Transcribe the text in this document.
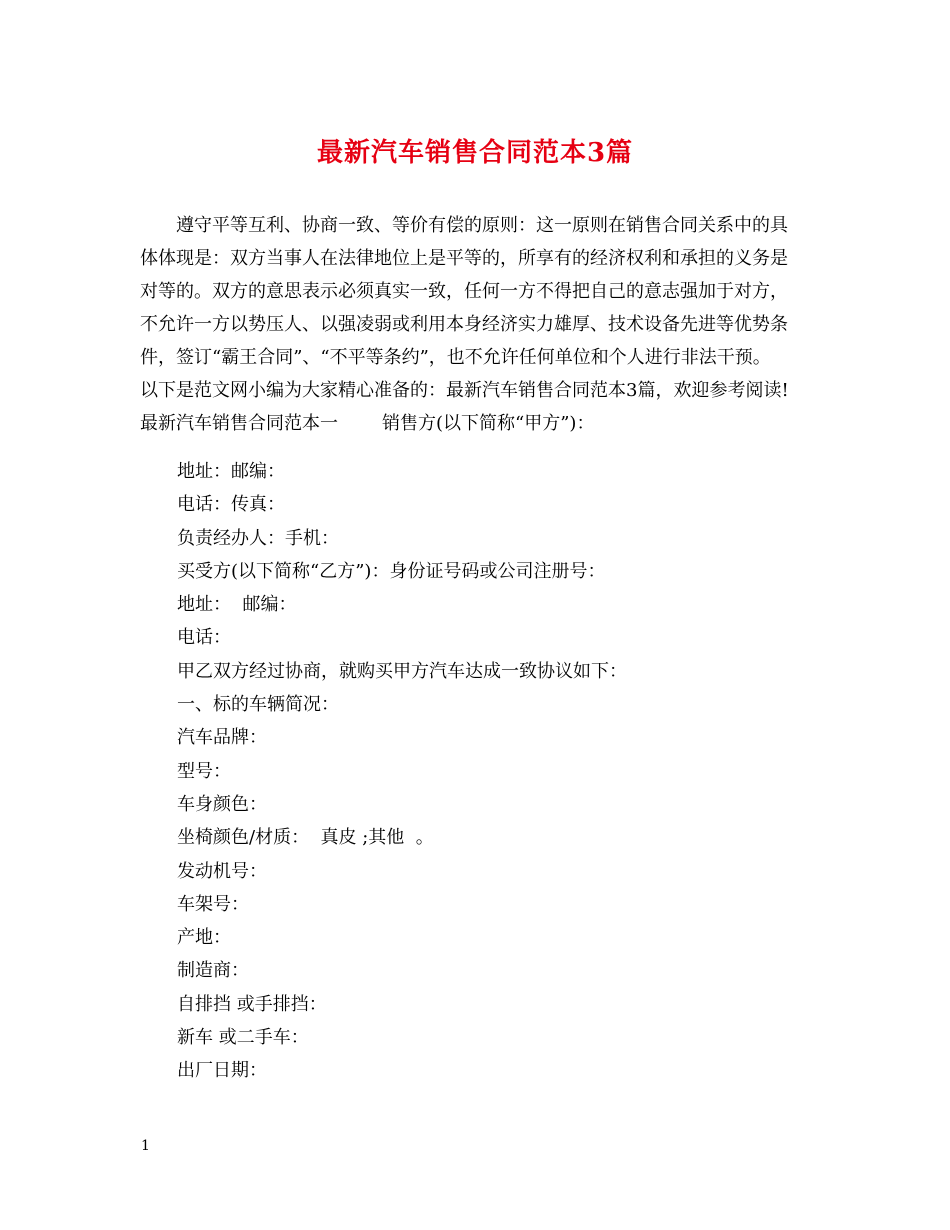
最新汽车销售合同范本3篇
遵守平等互利、协商一致、等价有偿的原则：这一原则在销售合同关系中的具
体体现是：双方当事人在法律地位上是平等的，所享有的经济权利和承担的义务是
对等的。双方的意思表示必须真实一致，任何一方不得把自己的意志强加于对方，
不允许一方以势压人、以强凌弱或利用本身经济实力雄厚、技术设备先进等优势条
件，签订“霸王合同”、“不平等条约”，也不允许任何单位和个人进行非法干预。
以下是范文网小编为大家精心准备的：最新汽车销售合同范本3篇，欢迎参考阅读!
最新汽车销售合同范本一 销售方(以下简称“甲方”)：
地址：邮编：
电话：传真：
负责经办人：手机：
买受方(以下简称“乙方”)：身份证号码或公司注册号：
地址：  邮编：
电话：
甲乙双方经过协商，就购买甲方汽车达成一致协议如下：
一、标的车辆简况：
汽车品牌：
型号：
车身颜色：
坐椅颜色/材质：  真皮 ;其他  。
发动机号：
车架号：
产地：
制造商：
自排挡 或手排挡：
新车 或二手车：
出厂日期：
1
